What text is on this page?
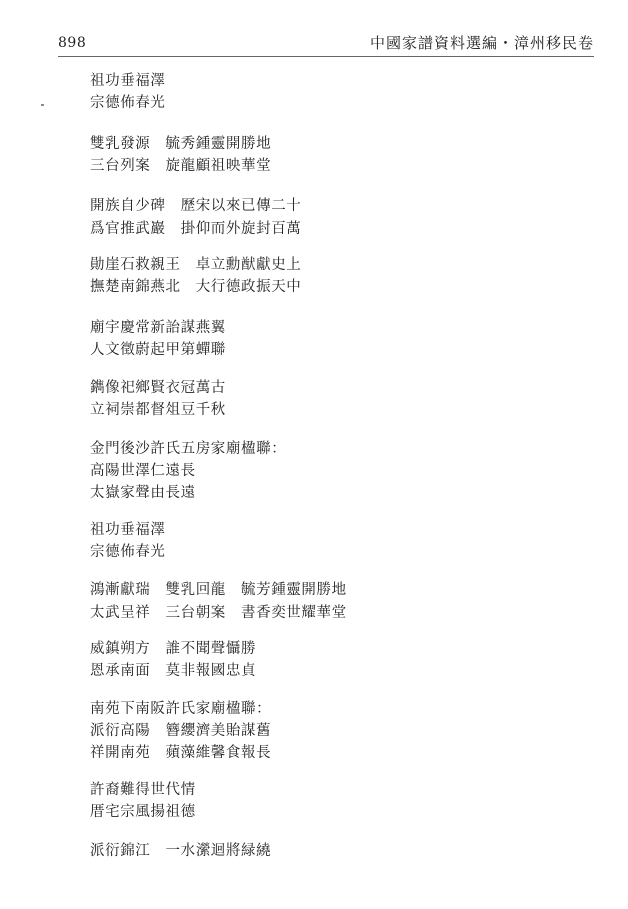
898	中國家譜資料選編・漳州移民卷
祖功垂福澤
宗德佈春光
雙乳發源　毓秀鍾靈開勝地
三台列案　旋龍顧祖映華堂
開族自少碑　歷宋以來已傳二十
爲官推武巖　掛仰而外旋封百萬
勛崖石救親王　卓立勳猷獻史上
撫楚南錦燕北　大行德政振天中
廟宇慶常新詒謀燕翼
人文徵蔚起甲第蟬聯
鐫像祀鄉賢衣冠萬古
立祠崇都督俎豆千秋
金門後沙許氏五房家廟楹聯：
高陽世澤仁遠長
太嶽家聲由長遠
祖功垂福澤
宗德佈春光
鴻漸獻瑞　雙乳回龍　毓芳鍾靈開勝地
太武呈祥　三台朝案　書香奕世耀華堂
威鎮朔方　誰不聞聲懾勝
恩承南面　莫非報國忠貞
南苑下南阪許氏家廟楹聯：
派衍高陽　簪纓濟美貽謀舊
祥開南苑　蘋藻維馨食報長
許裔難得世代情
厝宅宗風揚祖德
派衍錦江　一水瀠迴將緑繞
